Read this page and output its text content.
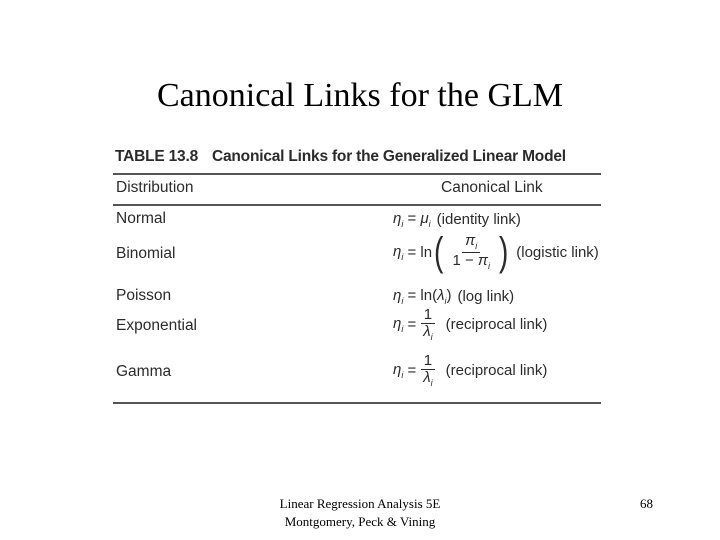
Canonical Links for the GLM
TABLE 13.8 Canonical Links for the Generalized Linear Model
Distribution	Canonical Link
Normal	$\eta_i = \mu_i$ (identity link)
Binomial	$\eta_i = \ln$ ( $\frac{\pi_i}{1 - \pi_i}$ ) (logistic link)
Poisson	$\eta_i = \ln(\lambda_i)$ (log link)
Exponential	$\eta_i = \frac{1}{\lambda_i}$ (reciprocal link)
Gamma	$\eta_i = \frac{1}{\lambda_i}$ (reciprocal link)
Linear Regression Analysis 5E
Montgomery, Peck & Vining
68
